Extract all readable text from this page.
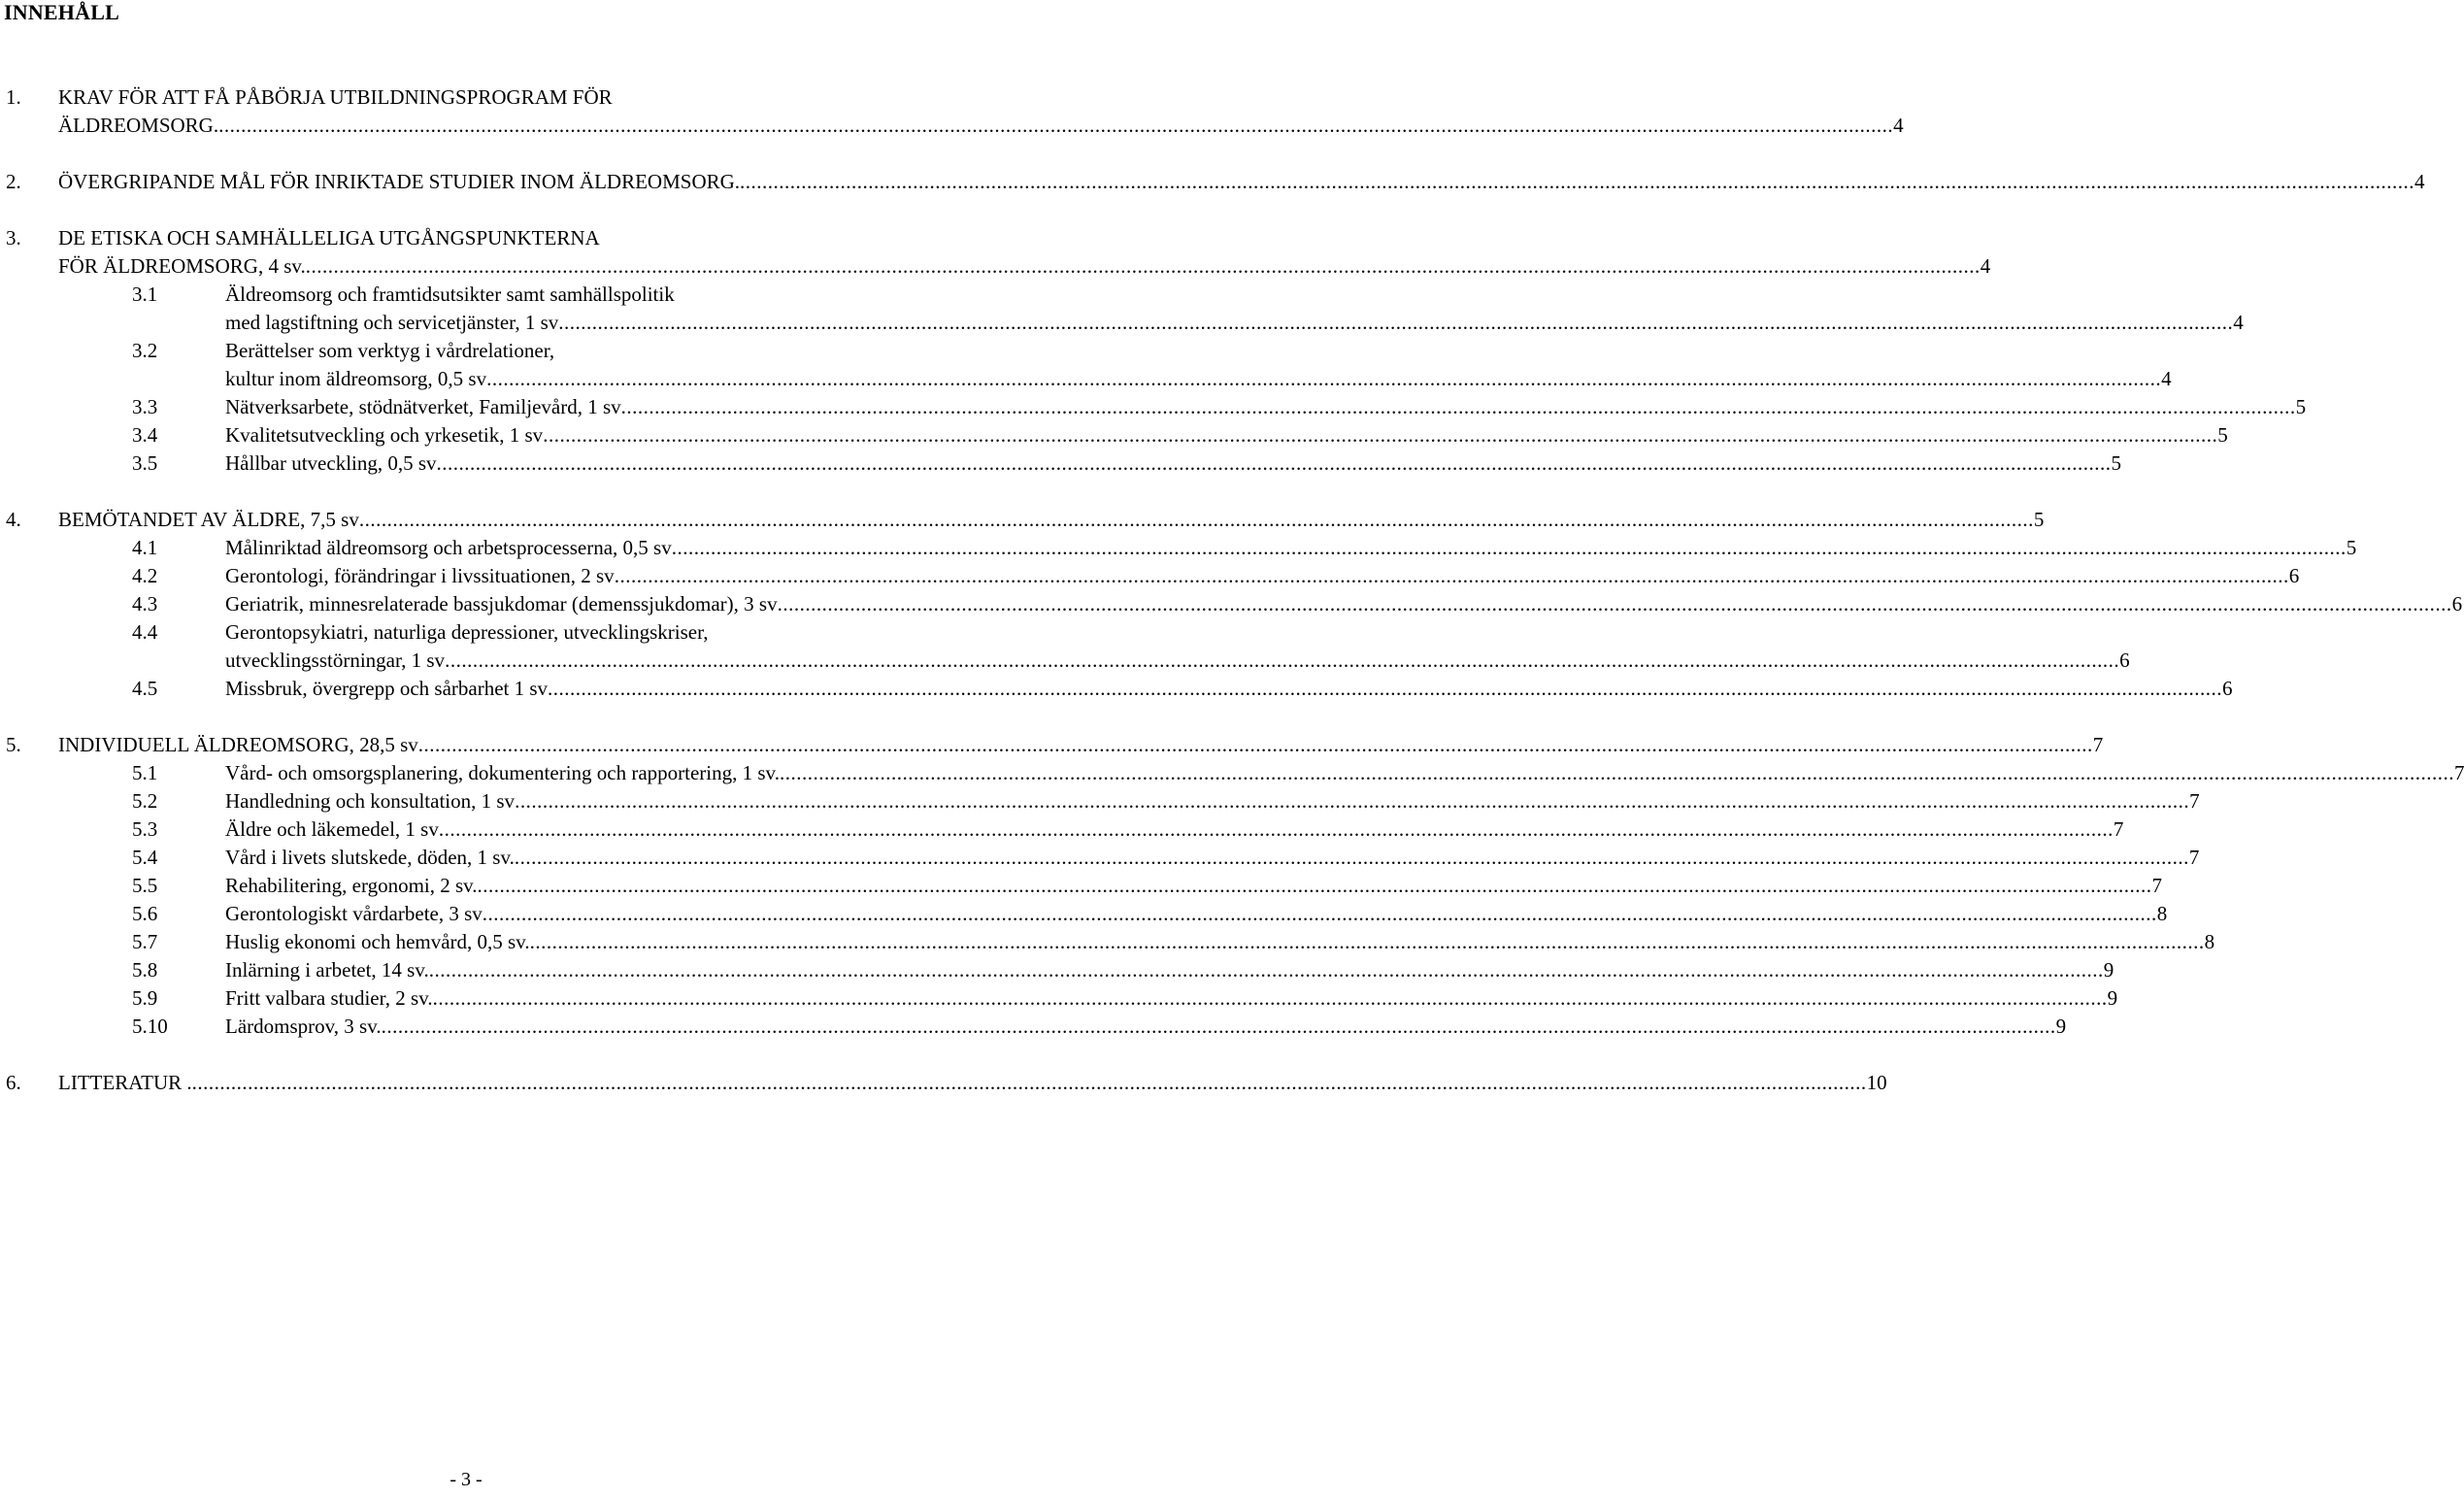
INNEHÅLL
1. KRAV FÖR ATT FÅ PÅBÖRJA UTBILDNINGSPROGRAM FÖR
ÄLDREOMSORG. ............................................................................................................................................................................................................................................................................................................ 4
2. ÖVERGRIPANDE MÅL FÖR INRIKTADE STUDIER INOM ÄLDREOMSORG. ............................................................................................................................................................................................................................................................................................................ 4
3. DE ETISKA OCH SAMHÄLLELIGA UTGÅNGSPUNKTERNA
FÖR ÄLDREOMSORG, 4 sv. ............................................................................................................................................................................................................................................................................................................ 4
3.1	Äldreomsorg och framtidsutsikter samt samhällspolitik
med lagstiftning och servicetjänster, 1 sv ............................................................................................................................................................................................................................................................................................................ 4
3.2	Berättelser som verktyg i vårdrelationer,
kultur inom äldreomsorg, 0,5 sv ............................................................................................................................................................................................................................................................................................................ 4
3.3	Nätverksarbete, stödnätverket, Familjevård, 1 sv ............................................................................................................................................................................................................................................................................................................ 5
3.4	Kvalitetsutveckling och yrkesetik, 1 sv ............................................................................................................................................................................................................................................................................................................ 5
3.5	Hållbar utveckling, 0,5 sv ............................................................................................................................................................................................................................................................................................................ 5
4. BEMÖTANDET AV ÄLDRE, 7,5 sv ............................................................................................................................................................................................................................................................................................................ 5
4.1	Målinriktad äldreomsorg och arbetsprocesserna, 0,5 sv ............................................................................................................................................................................................................................................................................................................ 5
4.2	Gerontologi, förändringar i livssituationen, 2 sv ............................................................................................................................................................................................................................................................................................................ 6
4.3	Geriatrik, minnesrelaterade bassjukdomar (demenssjukdomar), 3 sv ............................................................................................................................................................................................................................................................................................................ 6
4.4	Gerontopsykiatri, naturliga depressioner, utvecklingskriser,
utvecklingsstörningar, 1 sv ............................................................................................................................................................................................................................................................................................................ 6
4.5	Missbruk, övergrepp och sårbarhet 1 sv ............................................................................................................................................................................................................................................................................................................ 6
5. INDIVIDUELL ÄLDREOMSORG, 28,5 sv ............................................................................................................................................................................................................................................................................................................ 7
5.1	Vård- och omsorgsplanering, dokumentering och rapportering, 1 sv. ............................................................................................................................................................................................................................................................................................................ 7
5.2	Handledning och konsultation, 1 sv ............................................................................................................................................................................................................................................................................................................ 7
5.3	Äldre och läkemedel, 1 sv ............................................................................................................................................................................................................................................................................................................ 7
5.4	Vård i livets slutskede, döden, 1 sv. ............................................................................................................................................................................................................................................................................................................ 7
5.5	Rehabilitering, ergonomi, 2 sv. ............................................................................................................................................................................................................................................................................................................ 7
5.6	Gerontologiskt vårdarbete, 3 sv ............................................................................................................................................................................................................................................................................................................ 8
5.7	Huslig ekonomi och hemvård, 0,5 sv. ............................................................................................................................................................................................................................................................................................................ 8
5.8	Inlärning i arbetet, 14 sv. ............................................................................................................................................................................................................................................................................................................ 9
5.9	Fritt valbara studier, 2 sv. ............................................................................................................................................................................................................................................................................................................ 9
5.10	Lärdomsprov, 3 sv. ............................................................................................................................................................................................................................................................................................................ 9
6. LITTERATUR . ............................................................................................................................................................................................................................................................................................................ 10
- 3 -
